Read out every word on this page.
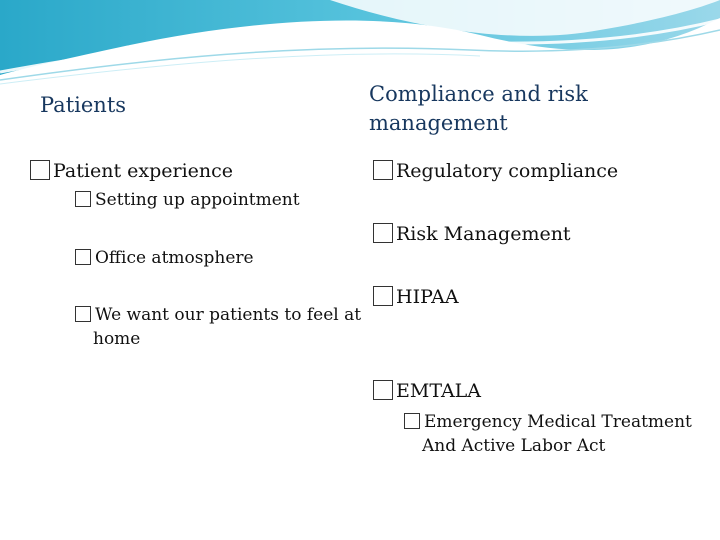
Patients
Patient experience
Setting up appointment
Office atmosphere
We want our patients to feel at home
Compliance and risk management
Regulatory compliance
Risk Management
HIPAA
EMTALA
Emergency Medical Treatment And Active Labor Act
